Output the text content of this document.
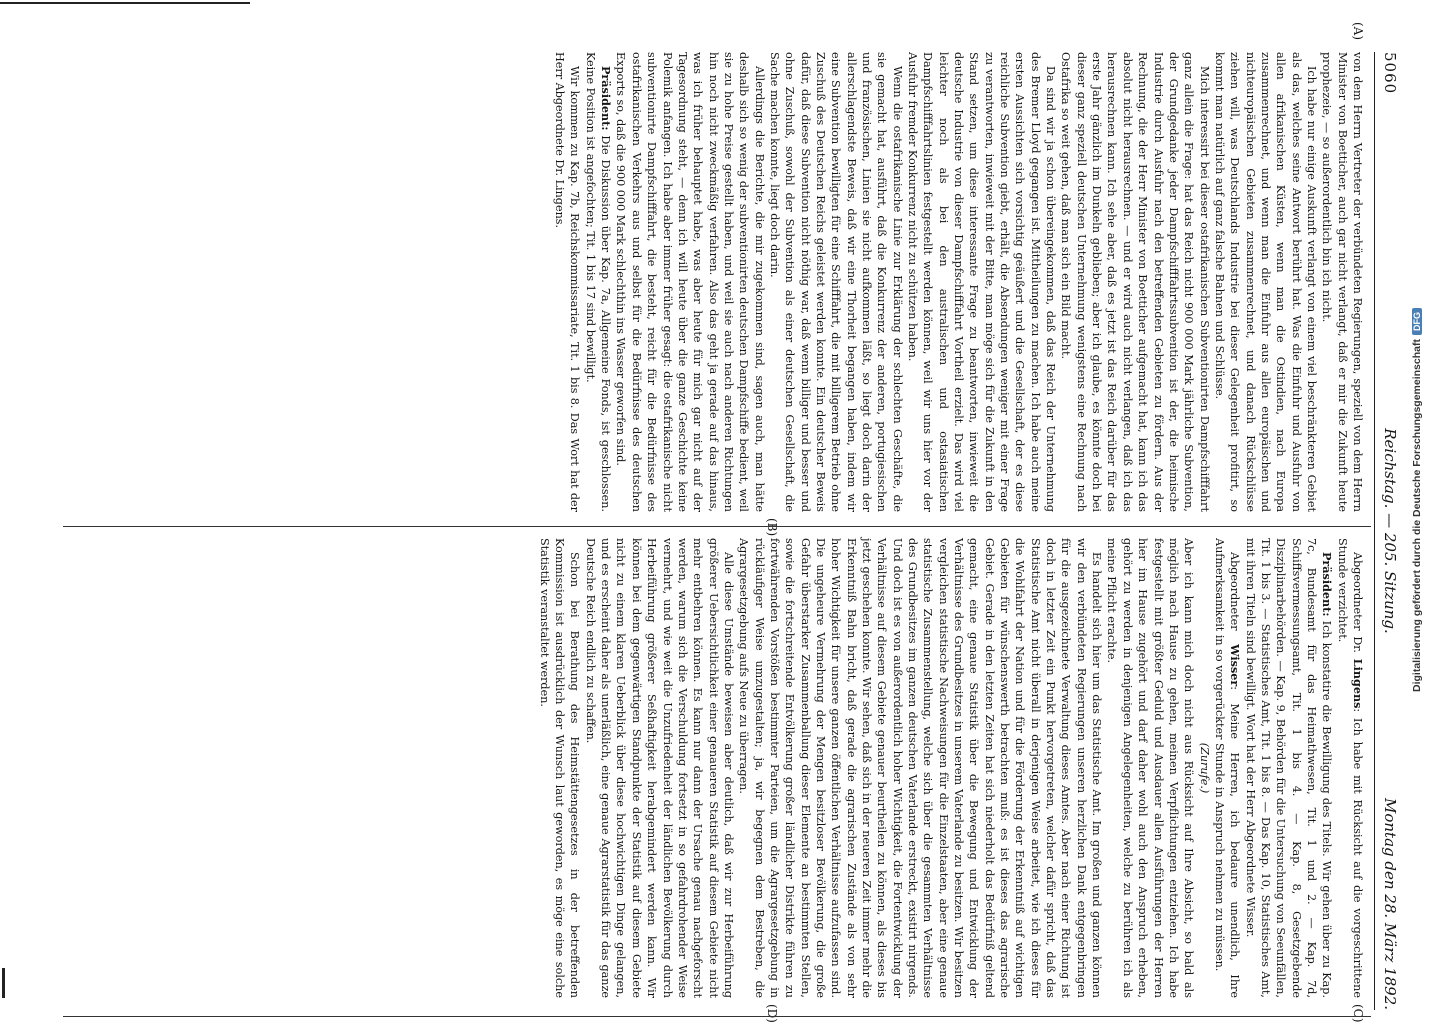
5060
Reichstag. — 205. Sitzung.
Montag den 28. März 1892.
(A)
(B)
(C)
(D)

von dem Herrn Vertreter der verbündeten Regierungen, speziell von dem Herrn Minister von Boetticher, auch gar nicht verlangt, daß er mir die Zukunft heute prophezeie, — so außerordentlich bin ich nicht.

Ich habe nur einige Auskunft verlangt von einem viel beschränkteren Gebiet als das, welches seine Antwort berührt hat. Was die Einfuhr und Ausfuhr von allen afrikanischen Küsten, wenn man die Ostindien, nach Europa zusammenrechnet, und wenn man die Einfuhr aus allen europäischen und nichteuropäischen Gebieten zusammenrechnet, und danach Rückschlüsse ziehen will, was Deutschlands Industrie bei dieser Gelegenheit profitirt, so kommt man natürlich auf ganz falsche Bahnen und Schlüsse.

Mich interessirt bei dieser ostafrikanischen Subventionirten Dampfschifffahrt ganz allein die Frage: hat das Reich nicht 900 000 Mark jährliche Subvention, der Grundgedanke jeder Dampfschifffahrtssubvention ist der, die heimische Industrie durch Ausfuhr nach den betreffenden Gebieten zu fördern. Aus der Rechnung, die der Herr Minister von Boetticher aufgemacht hat, kann ich das absolut nicht herausrechnen. — und er wird auch nicht verlangen, daß ich das herausrechnen kann. Ich sehe aber, daß es jetzt ist das Reich darüber für das erste Jahr gänzlich im Dunkeln geblieben; aber ich glaube, es könnte doch bei dieser ganz speziell deutschen Unternehmung wenigstens eine Rechnung nach Ostafrika so weit gehen, daß man sich ein Bild macht.

Da sind wir ja schon übereingekommen, daß das Reich der Unternehmung des Bremer Lloyd gegangen ist. Mittheilungen zu machen. Ich habe auch meine ersten Aussichten sich vorsichtig geäußert und die Gesellschaft, der es diese reichliche Subvention giebt, erhält, die Absendungen weniger mit einer Frage zu verantworten, inwieweit mit der Bitte, man möge sich für die Zukunft in den Stand setzen, um diese interessante Frage zu beantworten, inwieweit die deutsche Industrie von dieser Dampfschifffahrt Vortheil erzielt. Das wird viel leichter noch als bei den australischen und ostasiatischen Dampfschifffahrtslinien festgestellt werden können, weil wir uns hier vor der Ausfuhr fremder Konkurrenz nicht zu schützen haben.

Wenn die ostafrikanische Linie zur Erklärung der schlechten Geschäfte, die sie gemacht hat, ausführt, daß die Konkurrenz der anderen, portugiesischen und französischen, Linien sie nicht aufkommen läßt, so liegt doch darin der allerschlagendste Beweis, daß wir eine Thorheit begangen haben, indem wir eine Subvention bewilligten für eine Schifffahrt, die mit billigerem Betrieb ohne Zuschuß des Deutschen Reichs geleistet werden konnte. Ein deutscher Beweis dafür, daß diese Subvention nicht nöthig war, daß wenn billiger und besser und ohne Zuschuß, sowohl der Subvention als einer deutschen Gesellschaft, die Sache machen konnte, liegt doch darin.

Allerdings die Berichte, die mir zugekommen sind, sagen auch, man hätte deshalb sich so wenig der subventionirten deutschen Dampfschiffe bedient, weil sie zu hohe Preise gestellt haben, und weil sie auch nach anderen Richtungen hin noch nicht zweckmäßig verfahren. Also das geht ja gerade auf das hinaus, was ich früher behauptet habe, was aber heute für mich gar nicht auf der Tagesordnung steht, — denn ich will heute über die ganze Geschichte keine Polemik anfangen. Ich habe aber immer früher gesagt: die ostafrikanische nicht subventionirte Dampfschifffahrt, die besteht, reicht für die Bedürfnisse des ostafrikanischen Verkehrs aus und selbst für die Bedürfnisse des deutschen Exports so, daß die 900 000 Mark schlechthin ins Wasser geworfen sind.

Präsident: Die Diskussion über Kap. 7a, Allgemeine Fonds, ist geschlossen. Keine Position ist angefochten; Tit. 1 bis 17 sind bewilligt.

Wir kommen zu Kap. 7b, Reichskommissariate, Tit. 1 bis 8. Das Wort hat der Herr Abgeordnete Dr. Lingens.

Abgeordneter Dr. Lingens: Ich habe mit Rücksicht auf die vorgeschrittene Stunde verzichtet.

Präsident: Ich konstatire die Bewilligung des Titels. Wir gehen über zu Kap. 7c, Bundesamt für das Heimathwesen, Tit. 1 und 2. — Kap. 7d, Schiffsvermessungsamt, Tit. 1 bis 4. — Kap. 8, Gesetzgebende Disziplinarbehörden. — Kap. 9, Behörden für die Untersuchung von Seeunfällen, Tit. 1 bis 3. — Statistisches Amt, Tit. 1 bis 8. — Das Kap. 10, Statistisches Amt, mit ihren Titeln sind bewilligt. Wort hat der Herr Abgeordnete Wisser.

Abgeordneter Wisser: Meine Herren, ich bedaure unendlich, Ihre Aufmerksamkeit in so vorgerückter Stunde in Anspruch nehmen zu müssen.

(Zurufe.)

Aber ich kann mich doch nicht aus Rücksicht auf Ihre Absicht, so bald als möglich nach Hause zu gehen, meinen Verpflichtungen entziehen. Ich habe festgestellt mit größter Geduld und Ausdauer allen Ausführungen der Herren hier im Hause zugehört und darf daher wohl auch den Anspruch erheben, gehört zu werden in denjenigen Angelegenheiten, welche zu berühren ich als meine Pflicht erachte.

Es handelt sich hier um das Statistische Amt. Im großen und ganzen können wir den verbündeten Regierungen unseren herzlichen Dank entgegenbringen für die ausgezeichnete Verwaltung dieses Amtes. Aber nach einer Richtung ist doch in letzter Zeit ein Punkt hervorgetreten, welcher dafür spricht, daß das Statistische Amt nicht überall in derjenigen Weise arbeitet, wie ich dieses für die Wohlfahrt der Nation und für die Förderung der Erkenntniß auf wichtigen Gebieten für wünschenswerth betrachten muß: es ist dieses das agrarische Gebiet. Gerade in den letzten Zeiten hat sich niederholt das Bedürfniß geltend gemacht, eine genaue Statistik über die Bewegung und Entwicklung der Verhältnisse des Grundbesitzes in unserem Vaterlande zu besitzen. Wir besitzen vergleichen statistische Nachweisungen für die Einzelstaaten, aber eine genaue statistische Zusammenstellung, welche sich über die gesammten Verhältnisse des Grundbesitzes im ganzen deutschen Vaterlande erstreckt, existirt nirgends. Und doch ist es von außerordentlich hoher Wichtigkeit, die Fortentwicklung der Verhältnisse auf diesem Gebiete genauer beurtheilen zu können, als dieses bis jetzt geschehen konnte. Wir sehen, daß sich in der neueren Zeit immer mehr die Erkenntniß Bahn bricht, daß gerade die agrarischen Zustände als von sehr hoher Wichtigkeit für unsere ganzen öffentlichen Verhältnisse aufzufassen sind. Die ungeheure Vermehrung der Mengen besitzloser Bevölkerung, die große Gefahr überstarker Zusammenballung dieser Elemente an bestimmten Stellen, sowie die fortschreitende Entvölkerung großer ländlicher Distrikte führen zu fortwährenden Vorstößen bestimmter Parteien, um die Agrargesetzgebung in rückläufiger Weise umzugestalten; ja, wir begegnen dem Bestreben, die Agrargesetzgebung aufs Neue zu überragen.

Alle diese Umstände beweisen aber deutlich, daß wir zur Herbeiführung größerer Uebersichtlichkeit einer genaueren Statistik auf diesem Gebiete nicht mehr entbehren können. Es kann nur dann der Ursache genau nachgeforscht werden, warum sich die Verschuldung fortsetzt in so gefahrdrohender Weise vermehrt, und wie weit die Unzufriedenheit der ländlichen Bevölkerung durch Herbeiführung größerer Seßhaftigkeit herabgemindert werden kann. Wir können bei dem gegenwärtigen Standpunkte der Statistik auf diesem Gebiete nicht zu einem klaren Ueberblick über diese hochwichtigen Dinge gelangen, und es erscheint daher als unerläßlich, eine genaue Agrarstatistik für das ganze Deutsche Reich endlich zu schaffen.

Schon bei Berathung des Heimstättengesetzes in der betreffenden Kommission ist ausdrücklich der Wunsch laut geworden, es möge eine solche Statistik veranstaltet werden.	Digitalisierung gefördert durch die Deutsche ForschungsgemeinschaftDFG
